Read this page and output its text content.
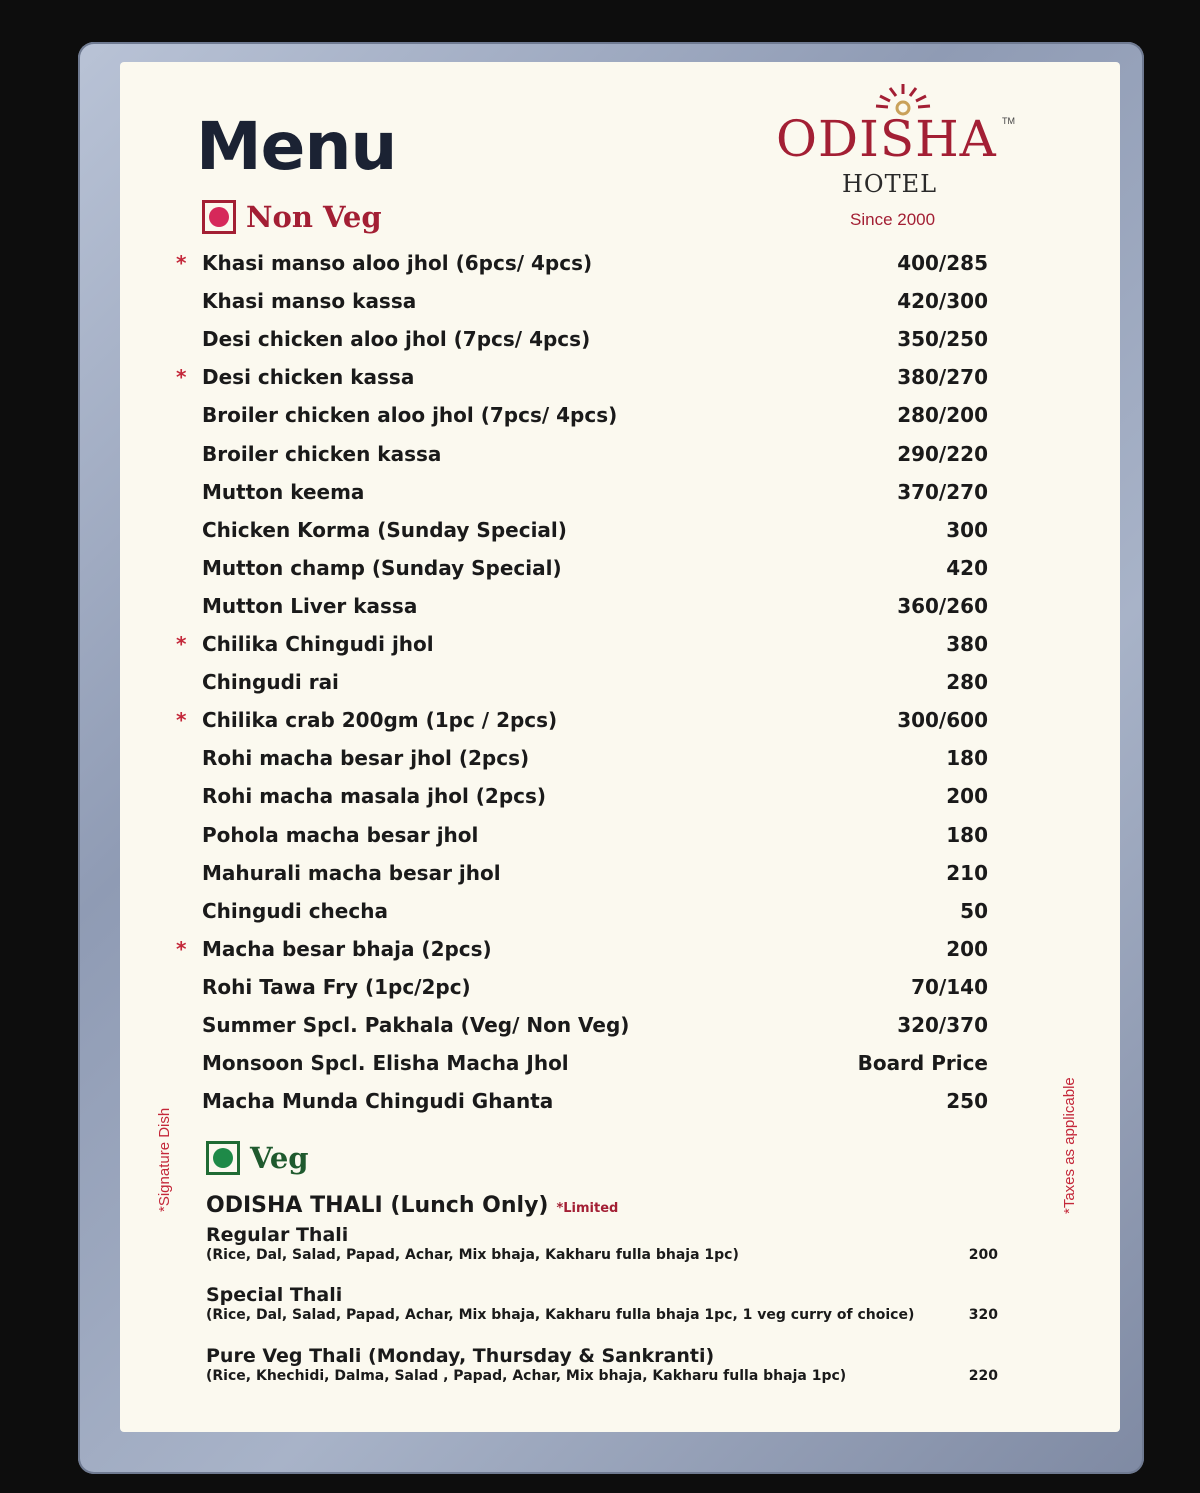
Menu	ODISHA TM
HOTEL
Since 2000
Non Veg
* Khasi manso aloo jhol (6pcs/ 4pcs)	400/285
Khasi manso kassa	420/300
Desi chicken aloo jhol (7pcs/ 4pcs)	350/250
* Desi chicken kassa	380/270
Broiler chicken aloo jhol (7pcs/ 4pcs)	280/200
Broiler chicken kassa	290/220
Mutton keema	370/270
Chicken Korma (Sunday Special)	300
Mutton champ (Sunday Special)	420
Mutton Liver kassa	360/260
* Chilika Chingudi jhol	380
Chingudi rai	280
* Chilika crab 200gm (1pc / 2pcs)	300/600
Rohi macha besar jhol (2pcs)	180
Rohi macha masala jhol (2pcs)	200
Pohola macha besar jhol	180
Mahurali macha besar jhol	210
Chingudi checha	50
* Macha besar bhaja (2pcs)	200
Rohi Tawa Fry (1pc/2pc)	70/140
Summer Spcl. Pakhala (Veg/ Non Veg)	320/370
Monsoon Spcl. Elisha Macha Jhol	Board Price
Macha Munda Chingudi Ghanta	250
Veg
ODISHA THALI (Lunch Only) *Limited
Regular Thali
(Rice, Dal, Salad, Papad, Achar, Mix bhaja, Kakharu fulla bhaja 1pc)	200
Special Thali
(Rice, Dal, Salad, Papad, Achar, Mix bhaja, Kakharu fulla bhaja 1pc, 1 veg curry of choice)	320
Pure Veg Thali (Monday, Thursday & Sankranti)
(Rice, Khechidi, Dalma, Salad , Papad, Achar, Mix bhaja, Kakharu fulla bhaja 1pc)	220
*Signature Dish	*Taxes as applicable
